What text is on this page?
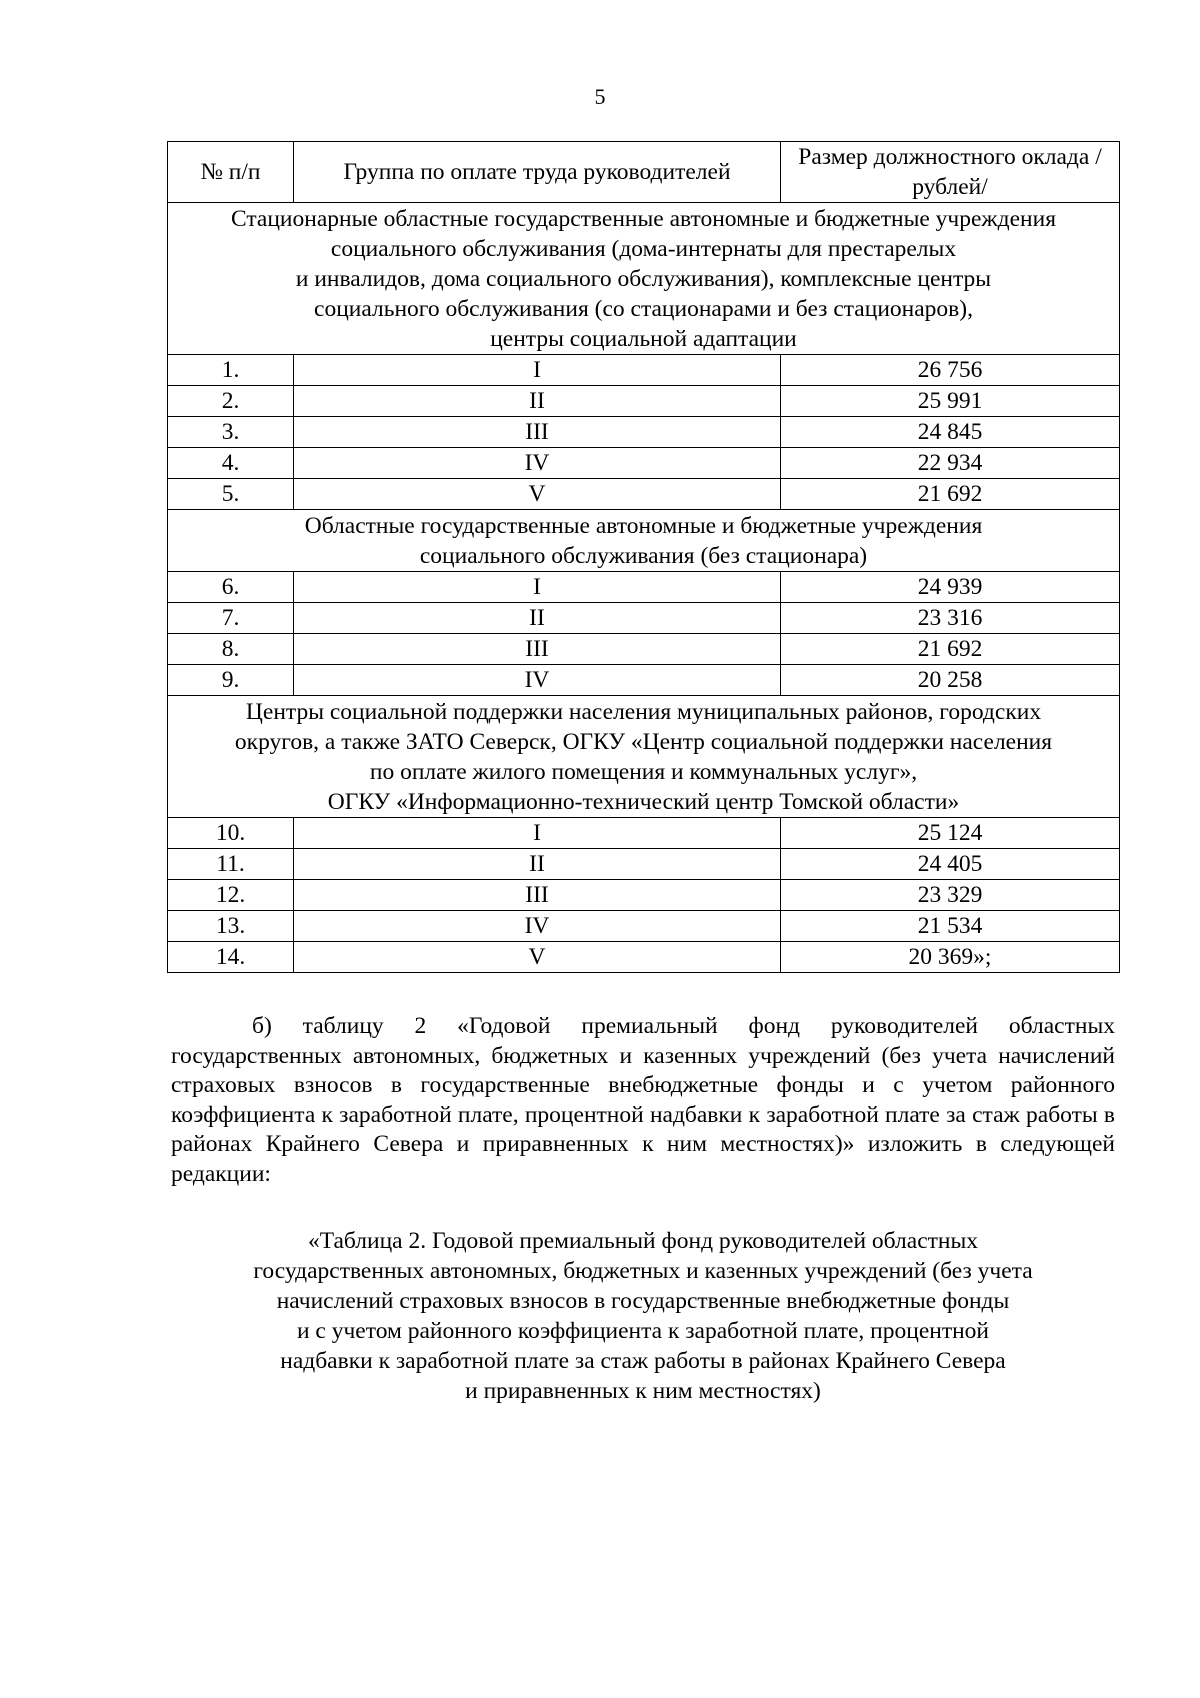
5
№ п/п	Группа по оплате труда руководителей	Размер должностного оклада /рублей/

Стационарные областные государственные автономные и бюджетные учреждения
социального обслуживания (дома-интернаты для престарелых
и инвалидов, дома социального обслуживания), комплексные центры
социального обслуживания (со стационарами и без стационаров),
центры социальной адаптации		

1.	I	26 756
2.	II	25 991
3.	III	24 845
4.	IV	22 934
5.	V	21 692

Областные государственные автономные и бюджетные учреждения
социального обслуживания (без стационара)		

6.	I	24 939
7.	II	23 316
8.	III	21 692
9.	IV	20 258

Центры социальной поддержки населения муниципальных районов, городских
округов, а также ЗАТО Северск, ОГКУ «Центр социальной поддержки населения
по оплате жилого помещения и коммунальных услуг»,
ОГКУ «Информационно-технический центр Томской области»		

10.	I	25 124
11.	II	24 405
12.	III	23 329
13.	IV	21 534
14.	V	20 369»;
б) таблицу 2 «Годовой премиальный фонд руководителей областных государственных автономных, бюджетных и казенных учреждений (без учета начислений страховых взносов в государственные внебюджетные фонды и с учетом районного коэффициента к заработной плате, процентной надбавки к заработной плате за стаж работы в районах Крайнего Севера и приравненных к ним местностях)» изложить в следующей редакции:
«Таблица 2. Годовой премиальный фонд руководителей областных
государственных автономных, бюджетных и казенных учреждений (без учета
начислений страховых взносов в государственные внебюджетные фонды
и с учетом районного коэффициента к заработной плате, процентной
надбавки к заработной плате за стаж работы в районах Крайнего Севера
и приравненных к ним местностях)
